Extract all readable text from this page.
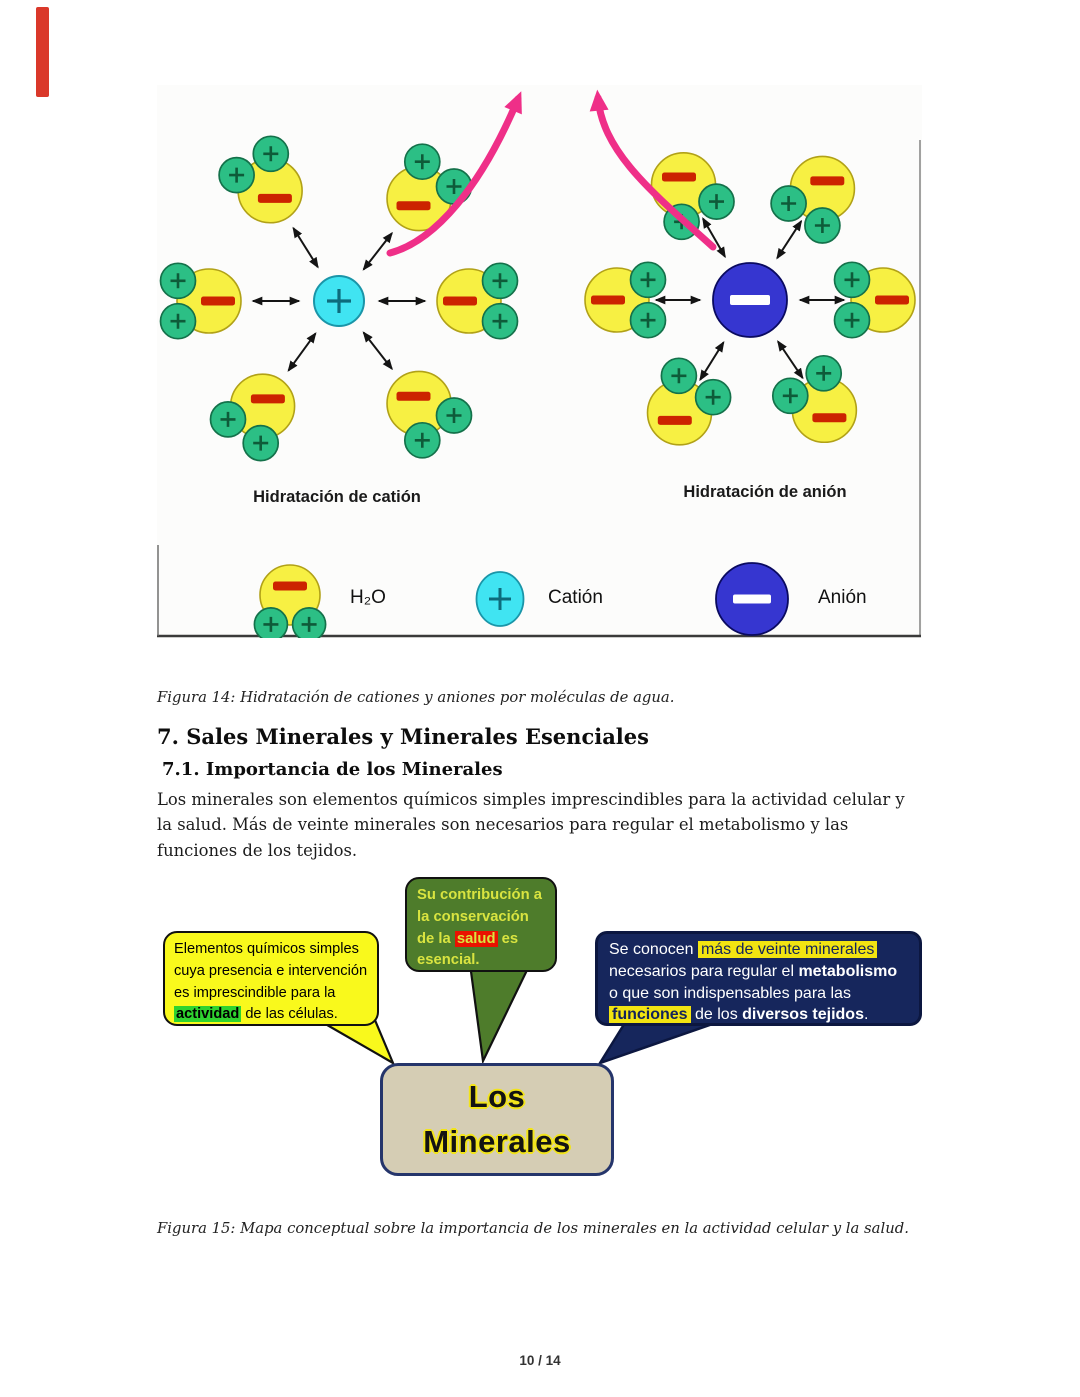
Hidratación de catión	Hidratación de anión
H₂O	Catión	Anión
Figura 14: Hidratación de cationes y aniones por moléculas de agua.
7. Sales Minerales y Minerales Esenciales
7.1. Importancia de los Minerales
Los minerales son elementos químicos simples imprescindibles para la actividad celular y
la salud. Más de veinte minerales son necesarios para regular el metabolismo y las
funciones de los tejidos.
Elementos químicos simples
cuya presencia e intervención
es imprescindible para la
actividad de las células.
Su contribución a
la conservación
de la salud es
esencial.
Se conocen más de veinte minerales
necesarios para regular el metabolismo
o que son indispensables para las
funciones de los diversos tejidos.
Los
Minerales
Figura 15: Mapa conceptual sobre la importancia de los minerales en la actividad celular y la salud.
10 / 14
